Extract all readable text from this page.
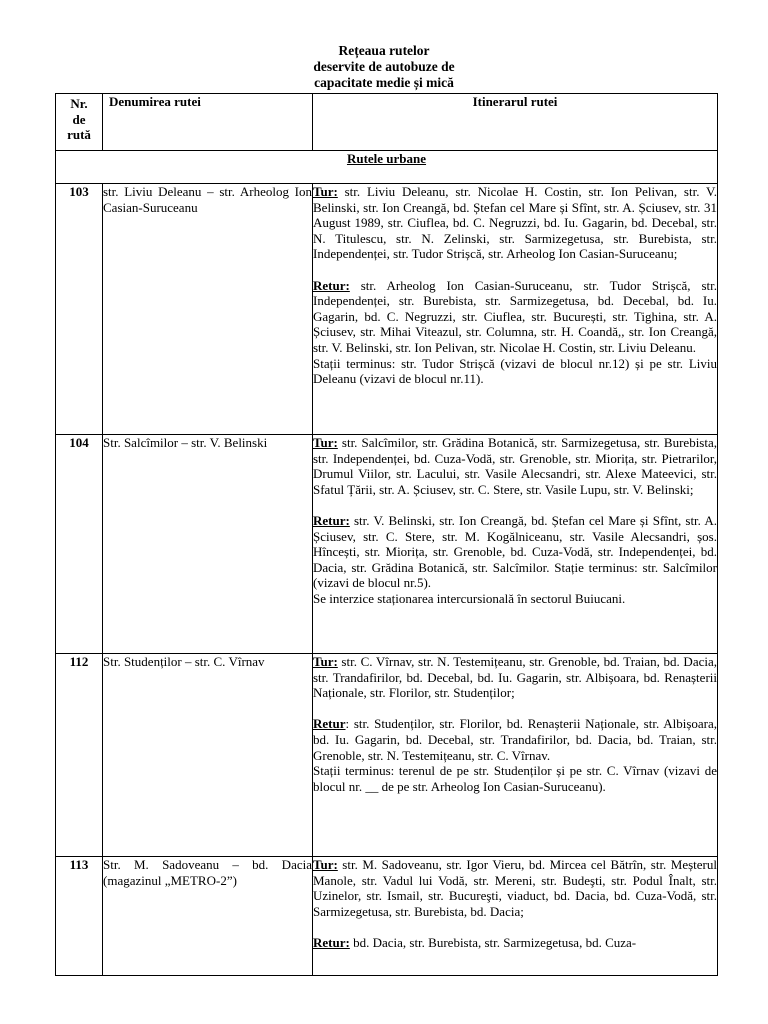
Rețeaua rutelor
deservite de autobuze de
capacitate medie și mică
Nr.
de
rută	Denumirea rutei	Itinerarul rutei
Rutele urbane		
103	str. Liviu Deleanu – str. Arheolog Ion Casian-Suruceanu	Tur: str. Liviu Deleanu, str. Nicolae H. Costin, str. Ion Pelivan, str. V. Belinski, str. Ion Creangă, bd. Ștefan cel Mare și Sfînt, str. A. Șciusev, str. 31 August 1989, str. Ciuflea, bd. C. Negruzzi, bd. Iu. Gagarin, bd. Decebal, str. N. Titulescu, str. N. Zelinski, str. Sarmizegetusa, str. Burebista, str. Independenței, str. Tudor Strișcă, str. Arheolog Ion Casian-Suruceanu;

Retur: str. Arheolog Ion Casian-Suruceanu, str. Tudor Strișcă, str. Independenței, str. Burebista, str. Sarmizegetusa, bd. Decebal, bd. Iu. Gagarin, bd. C. Negruzzi, str. Ciuflea, str. București, str. Tighina, str. A. Șciusev, str. Mihai Viteazul, str. Columna, str. H. Coandă,, str. Ion Creangă, str. V. Belinski, str. Ion Pelivan, str. Nicolae H. Costin, str. Liviu Deleanu.

Stații terminus: str. Tudor Strișcă (vizavi de blocul nr.12) și pe str. Liviu Deleanu (vizavi de blocul nr.11).

104	Str. Salcîmilor – str. V. Belinski	Tur: str. Salcîmilor, str. Grădina Botanică, str. Sarmizegetusa, str. Burebista, str. Independenței, bd. Cuza-Vodă, str. Grenoble, str. Miorița, str. Pietrarilor, Drumul Viilor, str. Lacului, str. Vasile Alecsandri, str. Alexe Mateevici, str. Sfatul Țării, str. A. Șciusev, str. C. Stere, str. Vasile Lupu, str. V. Belinski;

Retur: str. V. Belinski, str. Ion Creangă, bd. Ștefan cel Mare și Sfînt, str. A. Șciusev, str. C. Stere, str. M. Kogălniceanu, str. Vasile Alecsandri, șos. Hîncești, str. Miorița, str. Grenoble, bd. Cuza-Vodă, str. Independenței, bd. Dacia, str. Grădina Botanică, str. Salcîmilor. Stație terminus: str. Salcîmilor (vizavi de blocul nr.5).

Se interzice staționarea intercursională în sectorul Buiucani.

112	Str. Studenților – str. C. Vîrnav	Tur: str. C. Vîrnav, str. N. Testemițeanu, str. Grenoble, bd. Traian, bd. Dacia, str. Trandafirilor, bd. Decebal, bd. Iu. Gagarin, str. Albișoara, bd. Renașterii Naționale, str. Florilor, str. Studenților;

Retur: str. Studenților, str. Florilor, bd. Renașterii Naționale, str. Albișoara, bd. Iu. Gagarin, bd. Decebal, str. Trandafirilor, bd. Dacia, bd. Traian, str. Grenoble, str. N. Testemițeanu, str. C. Vîrnav.

Stații terminus: terenul de pe str. Studenților și pe str. C. Vîrnav (vizavi de blocul nr. __ de pe str. Arheolog Ion Casian-Suruceanu).

113	Str. M. Sadoveanu – bd. Dacia (magazinul „METRO-2”)	Tur: str. M. Sadoveanu, str. Igor Vieru, bd. Mircea cel Bătrîn, str. Meșterul Manole, str. Vadul lui Vodă, str. Mereni, str. Budeşti, str. Podul Înalt, str. Uzinelor, str. Ismail, str. Bucureşti, viaduct, bd. Dacia, bd. Cuza-Vodă, str. Sarmizegetusa, str. Burebista, bd. Dacia;

Retur: bd. Dacia, str. Burebista, str. Sarmizegetusa, bd. Cuza-
